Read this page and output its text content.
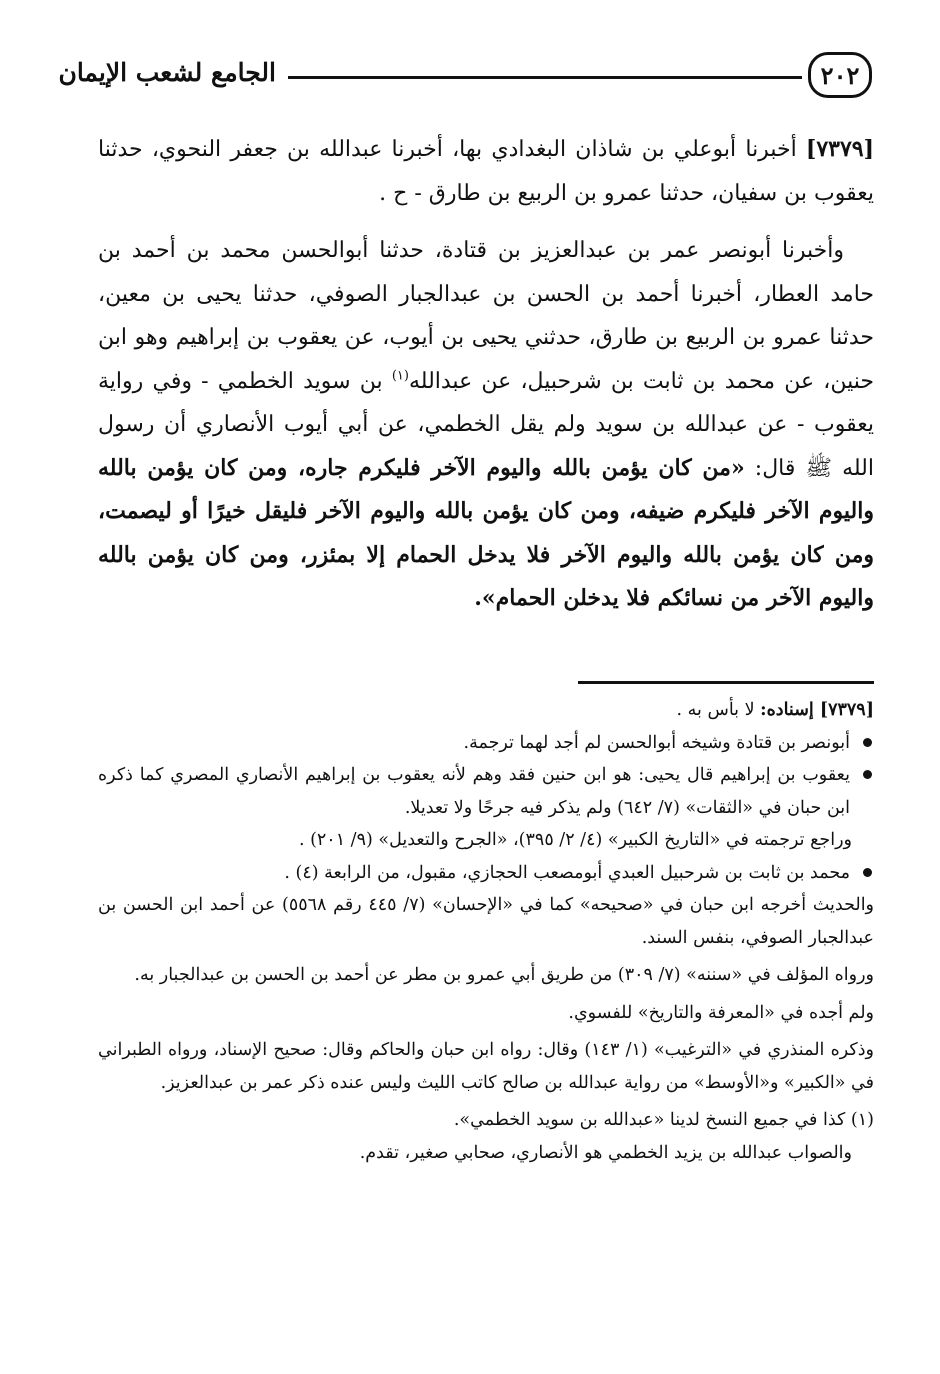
٢٠٢
الجامع لشعب الإيمان

[٧٣٧٩] أخبرنا أبوعلي بن شاذان البغدادي بها، أخبرنا عبدالله بن جعفر النحوي، حدثنا يعقوب بن سفيان، حدثنا عمرو بن الربيع بن طارق - ح .

وأخبرنا أبونصر عمر بن عبدالعزيز بن قتادة، حدثنا أبوالحسن محمد بن أحمد بن حامد العطار، أخبرنا أحمد بن الحسن بن عبدالجبار الصوفي، حدثنا يحيى بن معين، حدثنا عمرو بن الربيع بن طارق، حدثني يحيى بن أيوب، عن يعقوب بن إبراهيم وهو ابن حنين، عن محمد بن ثابت بن شرحبيل، عن عبدالله$^{(١)}$ بن سويد الخطمي - وفي رواية يعقوب - عن عبدالله بن سويد ولم يقل الخطمي، عن أبي أيوب الأنصاري أن رسول الله ﷺ قال: «من كان يؤمن بالله واليوم الآخر فليكرم جاره، ومن كان يؤمن بالله واليوم الآخر فليكرم ضيفه، ومن كان يؤمن بالله واليوم الآخر فليقل خيرًا أو ليصمت، ومن كان يؤمن بالله واليوم الآخر فلا يدخل الحمام إلا بمئزر، ومن كان يؤمن بالله واليوم الآخر من نسائكم فلا يدخلن الحمام».

[٧٣٧٩] إسناده: لا بأس به .

أبونصر بن قتادة وشيخه أبوالحسن لم أجد لهما ترجمة.

يعقوب بن إبراهيم قال يحيى: هو ابن حنين فقد وهم لأنه يعقوب بن إبراهيم الأنصاري المصري كما ذكره ابن حبان في «الثقات» (٧/ ٦٤٢) ولم يذكر فيه جرحًا ولا تعديلا.

وراجع ترجمته في «التاريخ الكبير» (٤/ ٢/ ٣٩٥)، «الجرح والتعديل» (٩/ ٢٠١) .

محمد بن ثابت بن شرحبيل العبدي أبومصعب الحجازي، مقبول، من الرابعة (٤) .

والحديث أخرجه ابن حبان في «صحيحه» كما في «الإحسان» (٧/ ٤٤٥ رقم ٥٥٦٨) عن أحمد ابن الحسن بن عبدالجبار الصوفي، بنفس السند.

ورواه المؤلف في «سننه» (٧/ ٣٠٩) من طريق أبي عمرو بن مطر عن أحمد بن الحسن بن عبدالجبار به.

ولم أجده في «المعرفة والتاريخ» للفسوي.

وذكره المنذري في «الترغيب» (١/ ١٤٣) وقال: رواه ابن حبان والحاكم وقال: صحيح الإسناد، ورواه الطبراني في «الكبير» و«الأوسط» من رواية عبدالله بن صالح كاتب الليث وليس عنده ذكر عمر بن عبدالعزيز.

(١) كذا في جميع النسخ لدينا «عبدالله بن سويد الخطمي».

والصواب عبدالله بن يزيد الخطمي هو الأنصاري، صحابي صغير، تقدم.
